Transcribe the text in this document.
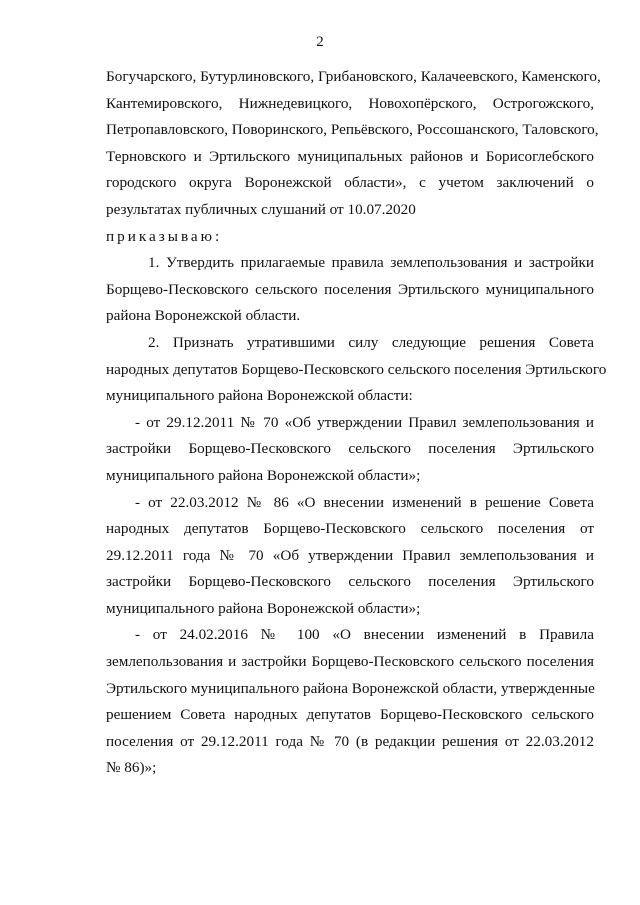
2
Богучарского, Бутурлиновского, Грибановского, Калачеевского, Каменского,
Кантемировского, Нижнедевицкого, Новохопёрского, Острогожского,
Петропавловского, Поворинского, Репьёвского, Россошанского, Таловского,
Терновского и Эртильского муниципальных районов и Борисоглебского
городского округа Воронежской области», с учетом заключений о
результатах публичных слушаний от 10.07.2020
приказываю:
1. Утвердить прилагаемые правила землепользования и застройки
Борщево-Песковского сельского поселения Эртильского муниципального
района Воронежской области.
2. Признать утратившими силу следующие решения Совета
народных депутатов Борщево-Песковского сельского поселения Эртильского
муниципального района Воронежской области:
- от 29.12.2011 № 70 «Об утверждении Правил землепользования и
застройки Борщево-Песковского сельского поселения Эртильского
муниципального района Воронежской области»;
- от 22.03.2012 № 86 «О внесении изменений в решение Совета
народных депутатов Борщево-Песковского сельского поселения от
29.12.2011 года № 70 «Об утверждении Правил землепользования и
застройки Борщево-Песковского сельского поселения Эртильского
муниципального района Воронежской области»;
- от 24.02.2016 № 100 «О внесении изменений в Правила
землепользования и застройки Борщево-Песковского сельского поселения
Эртильского муниципального района Воронежской области, утвержденные
решением Совета народных депутатов Борщево-Песковского сельского
поселения от 29.12.2011 года № 70 (в редакции решения от 22.03.2012
№ 86)»;
